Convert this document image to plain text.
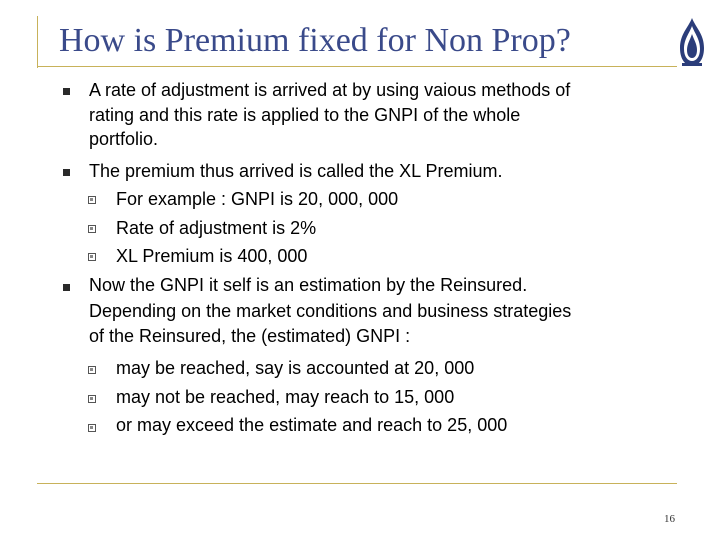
How is Premium fixed for Non Prop?
A rate of adjustment is arrived at by using vaious methods of
rating and this rate is applied to the GNPI of the whole
portfolio.
The premium thus arrived is called the XL Premium.
For example : GNPI is 20, 000, 000
Rate of adjustment is 2%
XL Premium is 400, 000
Now the GNPI it self is an estimation by the Reinsured.
Depending on the market conditions and business strategies
of the Reinsured, the (estimated) GNPI :
may be reached, say is accounted at 20, 000
may not be reached, may reach to 15, 000
or may exceed the estimate and reach to 25, 000
16
